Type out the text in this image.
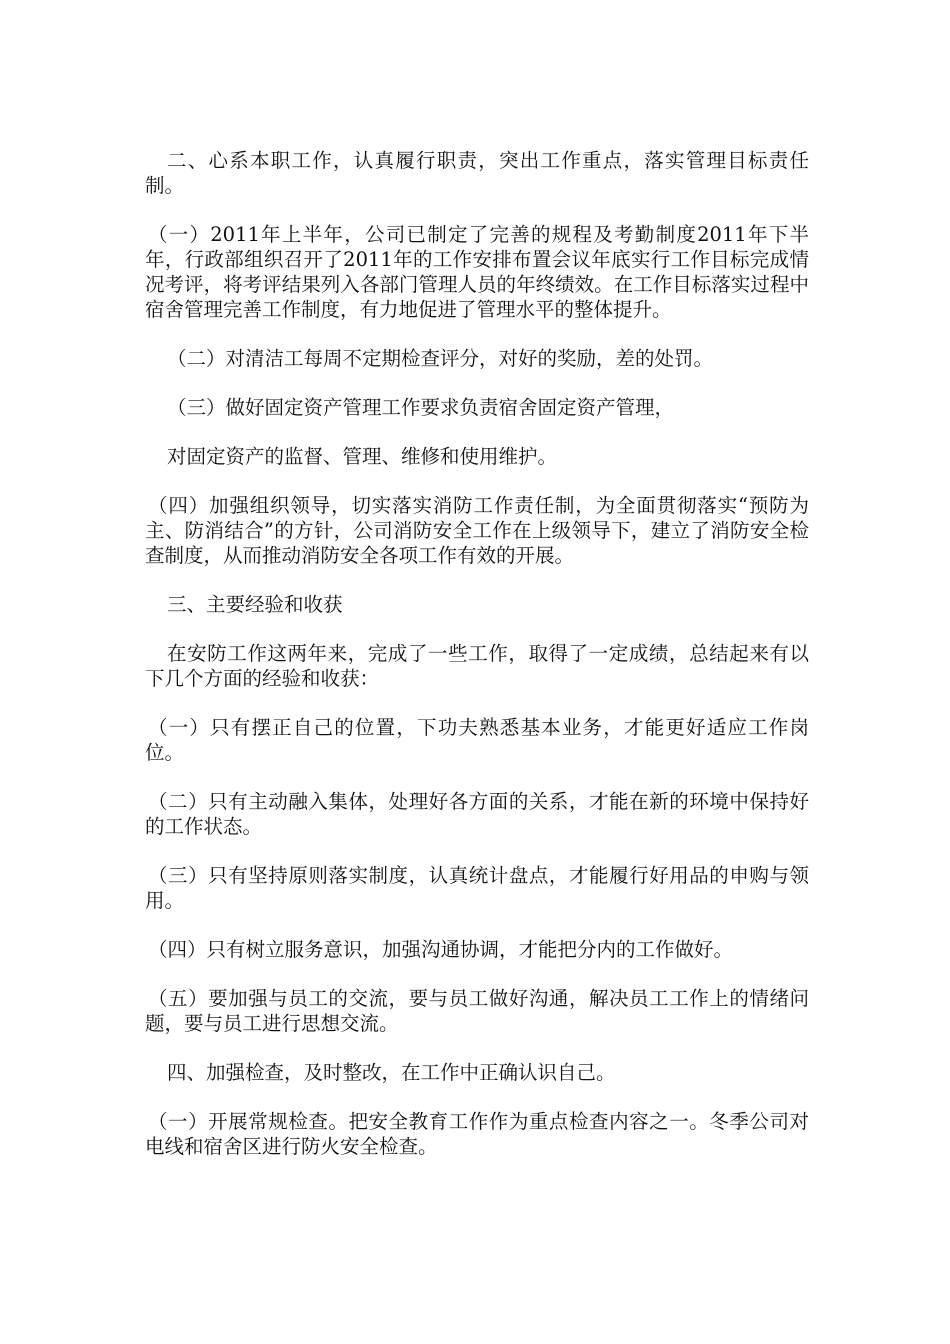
二、心系本职工作，认真履行职责，突出工作重点，落实管理目标责任制。

（一）2011年上半年，公司已制定了完善的规程及考勤制度2011年下半年，行政部组织召开了2011年的工作安排布置会议年底实行工作目标完成情况考评，将考评结果列入各部门管理人员的年终绩效。在工作目标落实过程中宿舍管理完善工作制度，有力地促进了管理水平的整体提升。

（二）对清洁工每周不定期检查评分，对好的奖励，差的处罚。

（三）做好固定资产管理工作要求负责宿舍固定资产管理，

对固定资产的监督、管理、维修和使用维护。

（四）加强组织领导，切实落实消防工作责任制，为全面贯彻落实“预防为主、防消结合”的方针，公司消防安全工作在上级领导下，建立了消防安全检查制度，从而推动消防安全各项工作有效的开展。

三、主要经验和收获

在安防工作这两年来，完成了一些工作，取得了一定成绩，总结起来有以下几个方面的经验和收获：

（一）只有摆正自己的位置，下功夫熟悉基本业务，才能更好适应工作岗位。

（二）只有主动融入集体，处理好各方面的关系，才能在新的环境中保持好的工作状态。

（三）只有坚持原则落实制度，认真统计盘点，才能履行好用品的申购与领用。

（四）只有树立服务意识，加强沟通协调，才能把分内的工作做好。

（五）要加强与员工的交流，要与员工做好沟通，解决员工工作上的情绪问题，要与员工进行思想交流。

四、加强检查，及时整改，在工作中正确认识自己。

（一）开展常规检查。把安全教育工作作为重点检查内容之一。冬季公司对电线和宿舍区进行防火安全检查。
